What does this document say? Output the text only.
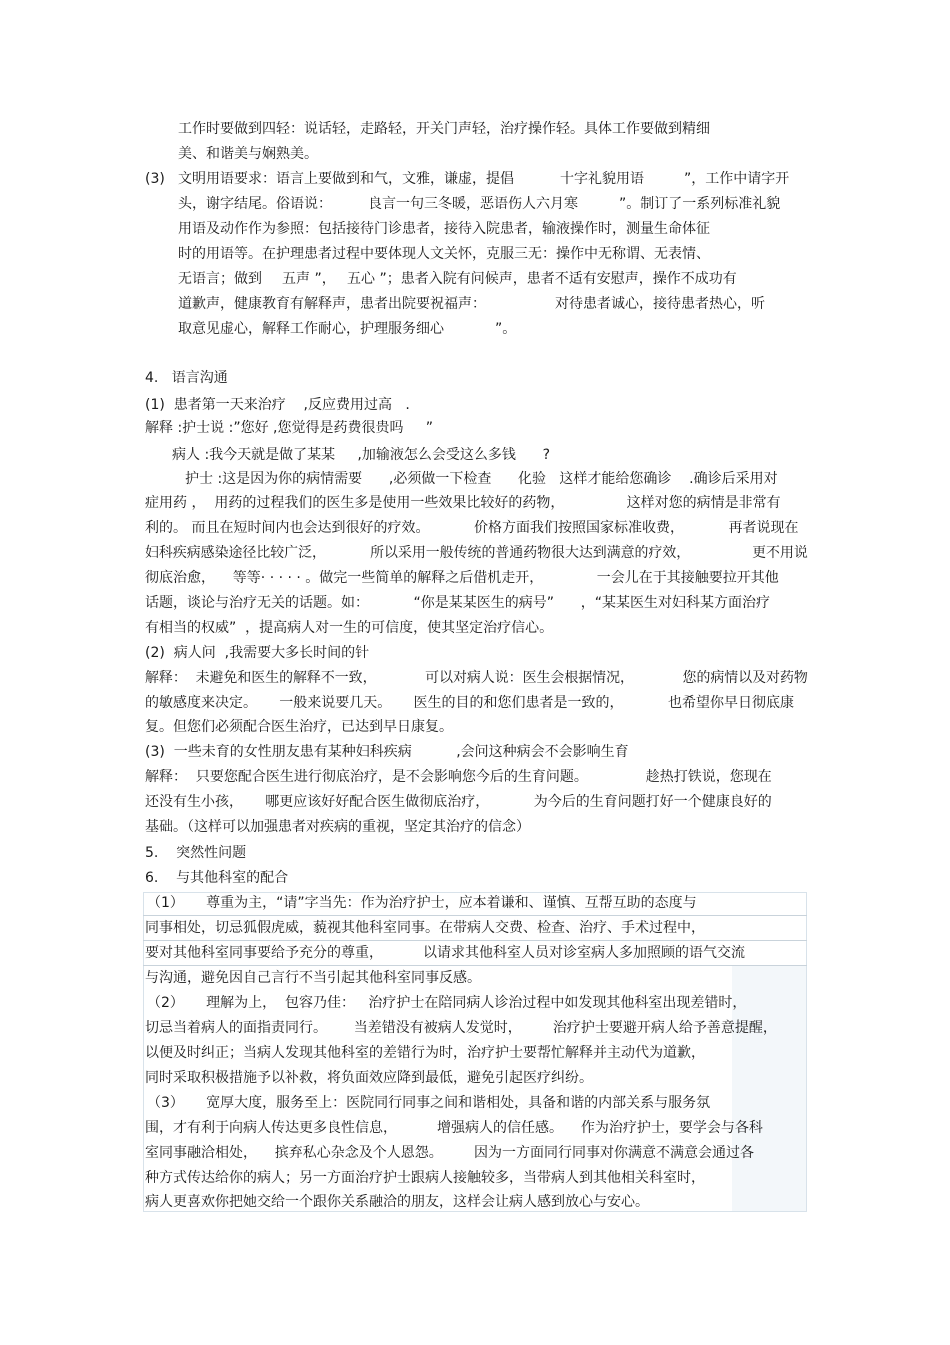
工作时要做到四轻：说话轻，走路轻，开关门声轻，治疗操作轻。具体工作要做到精细
美、和谐美与娴熟美。
(3) 文明用语要求：语言上要做到和气，文雅，谦虚，提倡	十字礼貌用语	”，工作中请字开
头，谢字结尾。俗语说：	良言一句三冬暖，恶语伤人六月寒	”。制订了一系列标准礼貌
用语及动作作为参照：包括接待门诊患者，接待入院患者，输液操作时，测量生命体征
时的用语等。在护理患者过程中要体现人文关怀，克服三无：操作中无称谓、无表情、
无语言；做到 五声 ”， 五心 ”；患者入院有问候声，患者不适有安慰声，操作不成功有
道歉声，健康教育有解释声，患者出院要祝福声：	对待患者诚心，接待患者热心，听
取意见虚心，解释工作耐心，护理服务细心	”。
4.   语言沟通
(1)  患者第一天来治疗    ,反应费用过高   .
解释 :护士说 :”您好 ,您觉得是药费很贵吗     ”
病人 :我今天就是做了某某     ,加输液怎么会受这么多钱      ?
护士 :这是因为你的病情需要      ,必须做一下检查      化验   这样才能给您确诊    .确诊后采用对
症用药 ，  用药的过程我们的医生多是使用一些效果比较好的药物，              这样对您的病情是非常有
利的。 而且在短时间内也会达到很好的疗效。          价格方面我们按照国家标准收费，          再者说现在
妇科疾病感染途径比较广泛，          所以采用一般传统的普通药物很大达到满意的疗效，              更不用说
彻底治愈，    等等· · · · · 。做完一些简单的解释之后借机走开，            一会儿在于其接触要拉开其他
话题，谈论与治疗无关的话题。如：          “你是某某医生的病号”      ，“某某医生对妇科某方面治疗
有相当的权威”  ，提高病人对一生的可信度，使其坚定治疗信心。
(2)  病人问  ,我需要大多长时间的针
解释：  未避免和医生的解释不一致，           可以对病人说：医生会根据情况，           您的病情以及对药物
的敏感度来决定。     一般来说要几天。     医生的目的和您们患者是一致的，          也希望你早日彻底康
复。但您们必须配合医生治疗，已达到早日康复。
(3)  一些未育的女性朋友患有某种妇科疾病          ,会问这种病会不会影响生育
解释：  只要您配合医生进行彻底治疗，是不会影响您今后的生育问题。             趁热打铁说，您现在
还没有生小孩，     哪更应该好好配合医生做彻底治疗，          为今后的生育问题打好一个健康良好的
基础。（这样可以加强患者对疾病的重视，坚定其治疗的信念）
5.    突然性问题
6.    与其他科室的配合
（1）     尊重为主，“请”字当先：作为治疗护士，应本着谦和、谨慎、互帮互助的态度与
同事相处，切忌狐假虎威，藐视其他科室同事。在带病人交费、检查、治疗、手术过程中，
要对其他科室同事要给予充分的尊重，         以请求其他科室人员对诊室病人多加照顾的语气交流
与沟通，避免因自己言行不当引起其他科室同事反感。
（2）     理解为上，  包容乃佳：   治疗护士在陪同病人诊治过程中如发现其他科室出现差错时，
切忌当着病人的面指责同行。      当差错没有被病人发觉时，       治疗护士要避开病人给予善意提醒，
以便及时纠正；当病人发现其他科室的差错行为时，治疗护士要帮忙解释并主动代为道歉，
同时采取积极措施予以补救，将负面效应降到最低，避免引起医疗纠纷。
（3）     宽厚大度，服务至上：医院同行同事之间和谐相处，具备和谐的内部关系与服务氛
围，才有利于向病人传达更多良性信息，         增强病人的信任感。    作为治疗护士，要学会与各科
室同事融洽相处，    摈弃私心杂念及个人恩怨。       因为一方面同行同事对你满意不满意会通过各
种方式传达给你的病人；另一方面治疗护士跟病人接触较多，当带病人到其他相关科室时，
病人更喜欢你把她交给一个跟你关系融洽的朋友，这样会让病人感到放心与安心。
